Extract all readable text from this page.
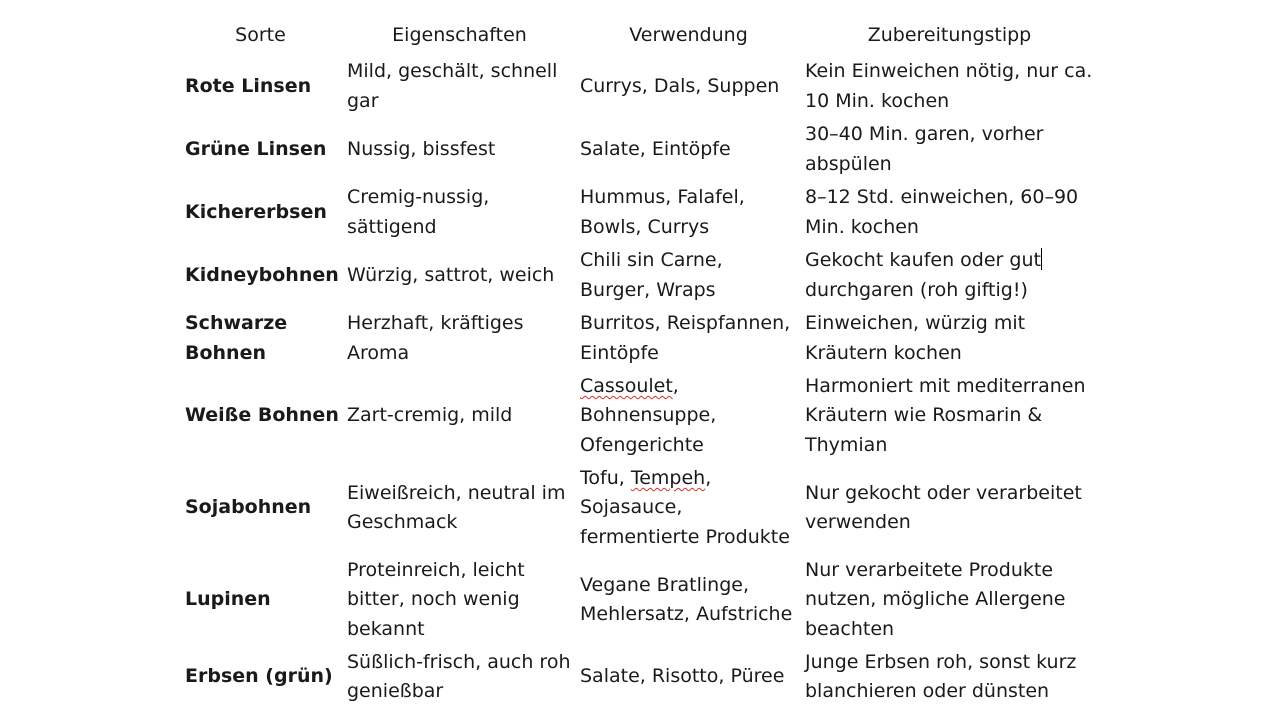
Sorte	Eigenschaften	Verwendung	Zubereitungstipp
Rote Linsen	Mild, geschält, schnell gar	Currys, Dals, Suppen	Kein Einweichen nötig, nur ca. 10 Min. kochen
Grüne Linsen	Nussig, bissfest	Salate, Eintöpfe	30–40 Min. garen, vorher abspülen
Kichererbsen	Cremig-nussig, sättigend	Hummus, Falafel, Bowls, Currys	8–12 Std. einweichen, 60–90 Min. kochen
Kidneybohnen	Würzig, sattrot, weich	Chili sin Carne, Burger, Wraps	Gekocht kaufen oder gut durchgaren (roh giftig!)
Schwarze Bohnen	Herzhaft, kräftiges Aroma	Burritos, Reispfannen, Eintöpfe	Einweichen, würzig mit Kräutern kochen
Weiße Bohnen	Zart-cremig, mild	Cassoulet, Bohnensuppe, Ofengerichte	Harmoniert mit mediterranen Kräutern wie Rosmarin & Thymian
Sojabohnen	Eiweißreich, neutral im Geschmack	Tofu, Tempeh, Sojasauce, fermentierte Produkte	Nur gekocht oder verarbeitet verwenden
Lupinen	Proteinreich, leicht bitter, noch wenig bekannt	Vegane Bratlinge, Mehlersatz, Aufstriche	Nur verarbeitete Produkte nutzen, mögliche Allergene beachten
Erbsen (grün)	Süßlich-frisch, auch roh genießbar	Salate, Risotto, Püree	Junge Erbsen roh, sonst kurz blanchieren oder dünsten
